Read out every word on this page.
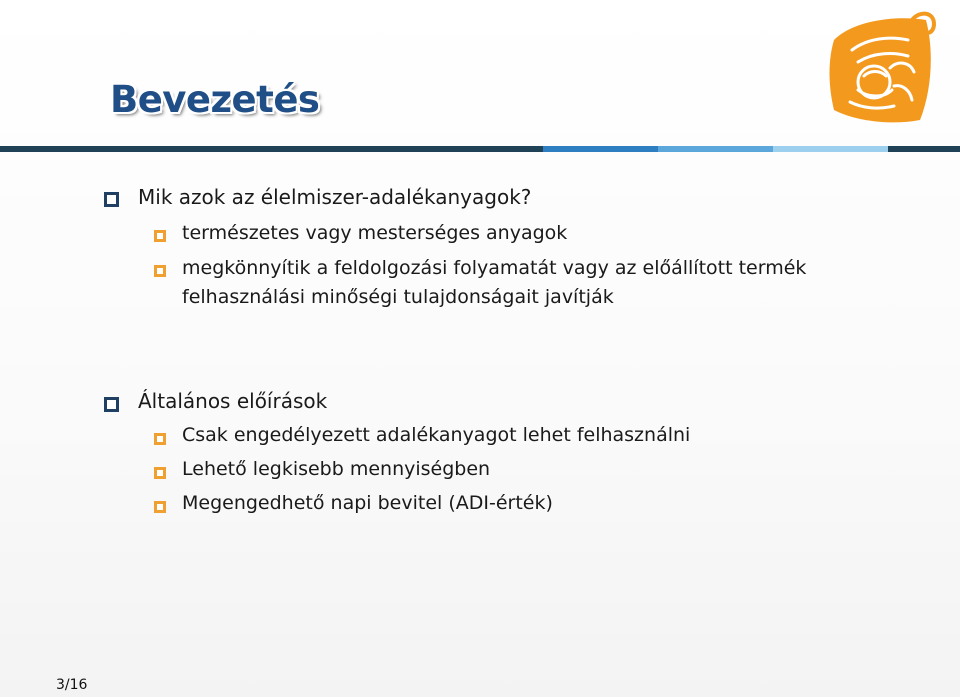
Bevezetés
Mik azok az élelmiszer-adalékanyagok?
természetes vagy mesterséges anyagok
megkönnyítik a feldolgozási folyamatát vagy az előállított termék
felhasználási minőségi tulajdonságait javítják
Általános előírások
Csak engedélyezett adalékanyagot lehet felhasználni
Lehető legkisebb mennyiségben
Megengedhető napi bevitel (ADI-érték)
3/16
